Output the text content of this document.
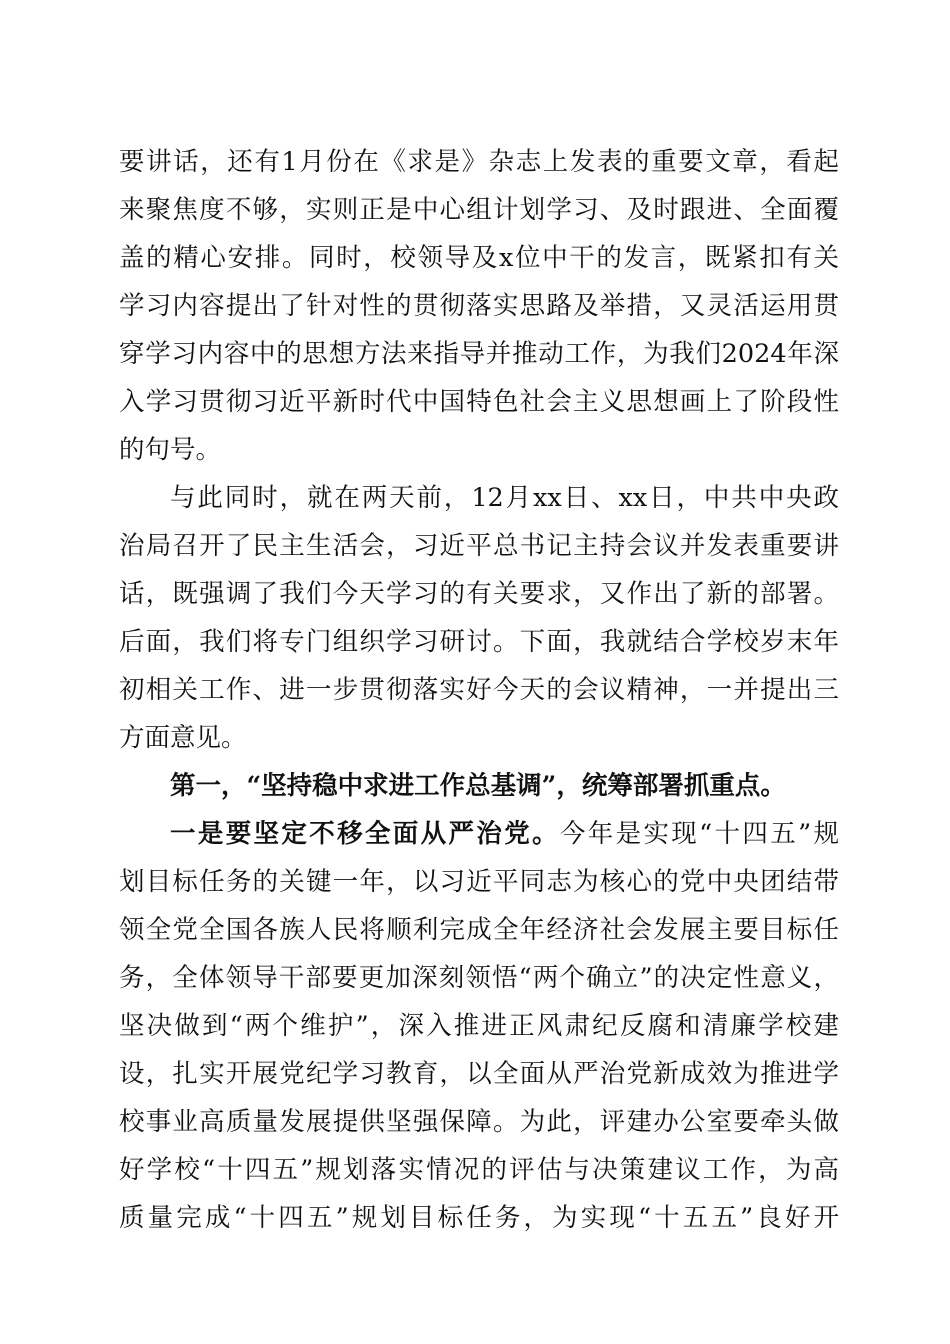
要讲话，还有1月份在《求是》杂志上发表的重要文章，看起
来聚焦度不够，实则正是中心组计划学习、及时跟进、全面覆
盖的精心安排。同时，校领导及x位中干的发言，既紧扣有关
学习内容提出了针对性的贯彻落实思路及举措，又灵活运用贯
穿学习内容中的思想方法来指导并推动工作，为我们2024年深
入学习贯彻习近平新时代中国特色社会主义思想画上了阶段性
的句号。
与此同时，就在两天前，12月xx日、xx日，中共中央政
治局召开了民主生活会，习近平总书记主持会议并发表重要讲
话，既强调了我们今天学习的有关要求，又作出了新的部署。
后面，我们将专门组织学习研讨。下面，我就结合学校岁末年
初相关工作、进一步贯彻落实好今天的会议精神，一并提出三
方面意见。
第一，“坚持稳中求进工作总基调”，统筹部署抓重点。
一是要坚定不移全面从严治党。今年是实现“十四五”规
划目标任务的关键一年，以习近平同志为核心的党中央团结带
领全党全国各族人民将顺利完成全年经济社会发展主要目标任
务，全体领导干部要更加深刻领悟“两个确立”的决定性意义，
坚决做到“两个维护”，深入推进正风肃纪反腐和清廉学校建
设，扎实开展党纪学习教育，以全面从严治党新成效为推进学
校事业高质量发展提供坚强保障。为此，评建办公室要牵头做
好学校“十四五”规划落实情况的评估与决策建议工作，为高
质量完成“十四五”规划目标任务，为实现“十五五”良好开
